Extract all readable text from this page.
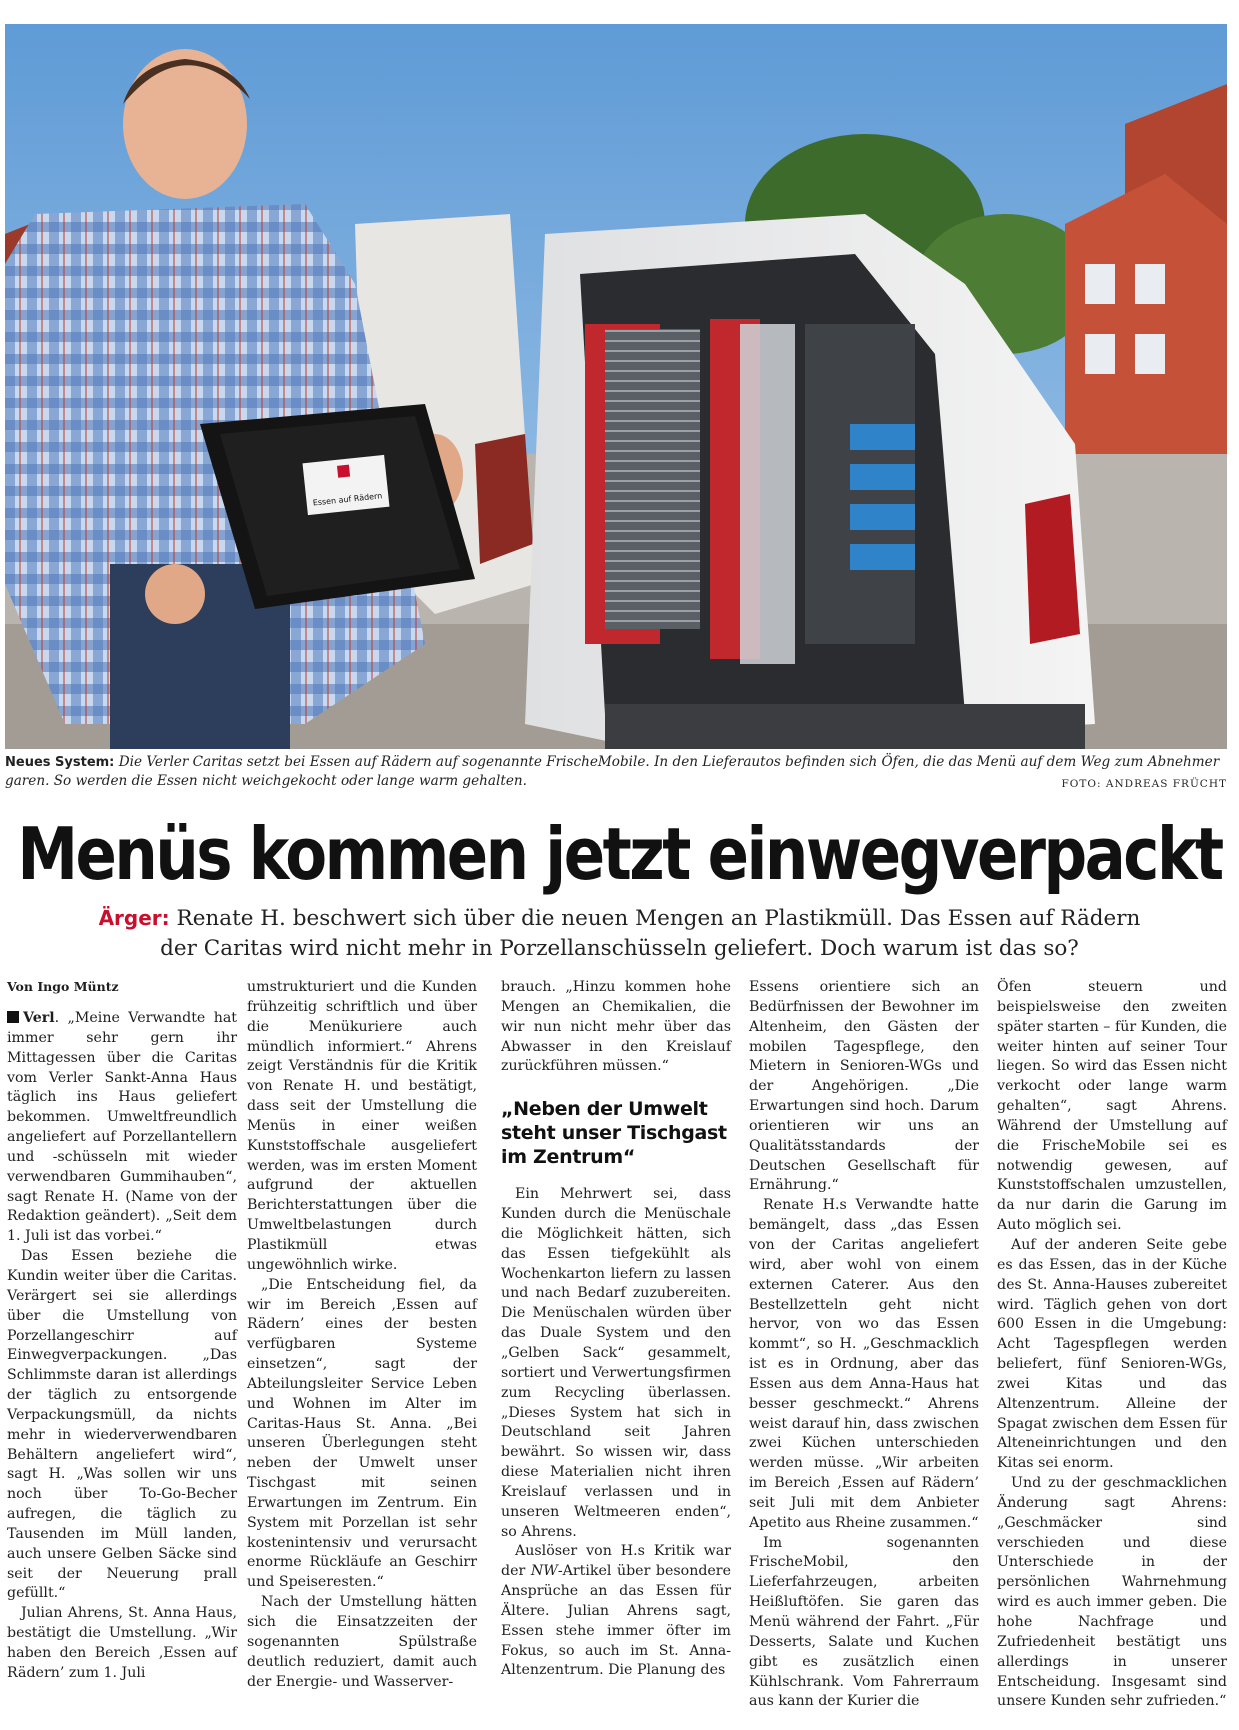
Essen auf Rädern
Neues System: Die Verler Caritas setzt bei Essen auf Rädern auf sogenannte FrischeMobile. In den Lieferautos befinden sich Öfen, die das Menü auf dem Weg zum Abnehmer garen. So werden die Essen nicht weichgekocht oder lange warm gehalten.	FOTO: ANDREAS FRÜCHT
Menüs kommen jetzt einwegverpackt
Ärger: Renate H. beschwert sich über die neuen Mengen an Plastikmüll. Das Essen auf Rädern
der Caritas wird nicht mehr in Porzellanschüsseln geliefert. Doch warum ist das so?
Von Ingo Müntz

Verl. „Meine Verwandte hat immer sehr gern ihr Mittagessen über die Caritas vom Verler Sankt-Anna Haus täglich ins Haus geliefert bekommen. Umweltfreundlich angeliefert auf Porzellantellern und -schüsseln mit wieder verwendbaren Gummihauben“, sagt Renate H. (Name von der Redaktion geändert). „Seit dem 1. Juli ist das vorbei.“

Das Essen beziehe die Kundin weiter über die Caritas. Verärgert sei sie allerdings über die Umstellung von Porzellangeschirr auf Einwegverpackungen. „Das Schlimmste daran ist allerdings der täglich zu entsorgende Verpackungsmüll, da nichts mehr in wiederverwendbaren Behältern angeliefert wird“, sagt H. „Was sollen wir uns noch über To-Go-Becher aufregen, die täglich zu Tausenden im Müll landen, auch unsere Gelben Säcke sind seit der Neuerung prall gefüllt.“

Julian Ahrens, St. Anna Haus, bestätigt die Umstellung. „Wir haben den Bereich ‚Essen auf Rädern’ zum 1. Juli

umstrukturiert und die Kunden frühzeitig schriftlich und über die Menükuriere auch mündlich informiert.“ Ahrens zeigt Verständnis für die Kritik von Renate H. und bestätigt, dass seit der Umstellung die Menüs in einer weißen Kunststoffschale ausgeliefert werden, was im ersten Moment aufgrund der aktuellen Berichterstattungen über die Umweltbelastungen durch Plastikmüll etwas ungewöhnlich wirke.

„Die Entscheidung fiel, da wir im Bereich ‚Essen auf Rädern’ eines der besten verfügbaren Systeme einsetzen“, sagt der Abteilungsleiter Service Leben und Wohnen im Alter im Caritas-Haus St. Anna. „Bei unseren Überlegungen steht neben der Umwelt unser Tischgast mit seinen Erwartungen im Zentrum. Ein System mit Porzellan ist sehr kostenintensiv und verursacht enorme Rückläufe an Geschirr und Speiseresten.“

Nach der Umstellung hätten sich die Einsatzzeiten der sogenannten Spülstraße deutlich reduziert, damit auch der Energie- und Wasserver-

brauch. „Hinzu kommen hohe Mengen an Chemikalien, die wir nun nicht mehr über das Abwasser in den Kreislauf zurückführen müssen.“

„Neben der Umwelt steht unser Tischgast im Zentrum“

Ein Mehrwert sei, dass Kunden durch die Menüschale die Möglichkeit hätten, sich das Essen tiefgekühlt als Wochenkarton liefern zu lassen und nach Bedarf zuzubereiten. Die Menüschalen würden über das Duale System und den „Gelben Sack“ gesammelt, sortiert und Verwertungsfirmen zum Recycling überlassen. „Dieses System hat sich in Deutschland seit Jahren bewährt. So wissen wir, dass diese Materialien nicht ihren Kreislauf verlassen und in unseren Weltmeeren enden“, so Ahrens.

Auslöser von H.s Kritik war der NW-Artikel über besondere Ansprüche an das Essen für Ältere. Julian Ahrens sagt, Essen stehe immer öfter im Fokus, so auch im St. Anna-Altenzentrum. Die Planung des

Essens orientiere sich an Bedürfnissen der Bewohner im Altenheim, den Gästen der mobilen Tagespflege, den Mietern in Senioren-WGs und der Angehörigen. „Die Erwartungen sind hoch. Darum orientieren wir uns an Qualitätsstandards der Deutschen Gesellschaft für Ernährung.“

Renate H.s Verwandte hatte bemängelt, dass „das Essen von der Caritas angeliefert wird, aber wohl von einem externen Caterer. Aus den Bestellzetteln geht nicht hervor, von wo das Essen kommt“, so H. „Geschmacklich ist es in Ordnung, aber das Essen aus dem Anna-Haus hat besser geschmeckt.“ Ahrens weist darauf hin, dass zwischen zwei Küchen unterschieden werden müsse. „Wir arbeiten im Bereich ‚Essen auf Rädern’ seit Juli mit dem Anbieter Apetito aus Rheine zusammen.“

Im sogenannten FrischeMobil, den Lieferfahrzeugen, arbeiten Heißluftöfen. Sie garen das Menü während der Fahrt. „Für Desserts, Salate und Kuchen gibt es zusätzlich einen Kühlschrank. Vom Fahrerraum aus kann der Kurier die

Öfen steuern und beispielsweise den zweiten später starten – für Kunden, die weiter hinten auf seiner Tour liegen. So wird das Essen nicht verkocht oder lange warm gehalten“, sagt Ahrens. Während der Umstellung auf die FrischeMobile sei es notwendig gewesen, auf Kunststoffschalen umzustellen, da nur darin die Garung im Auto möglich sei.

Auf der anderen Seite gebe es das Essen, das in der Küche des St. Anna-Hauses zubereitet wird. Täglich gehen von dort 600 Essen in die Umgebung: Acht Tagespflegen werden beliefert, fünf Senioren-WGs, zwei Kitas und das Altenzentrum. Alleine der Spagat zwischen dem Essen für Alteneinrichtungen und den Kitas sei enorm.

Und zu der geschmacklichen Änderung sagt Ahrens: „Geschmäcker sind verschieden und diese Unterschiede in der persönlichen Wahrnehmung wird es auch immer geben. Die hohe Nachfrage und Zufriedenheit bestätigt uns allerdings in unserer Entscheidung. Insgesamt sind unsere Kunden sehr zufrieden.“
